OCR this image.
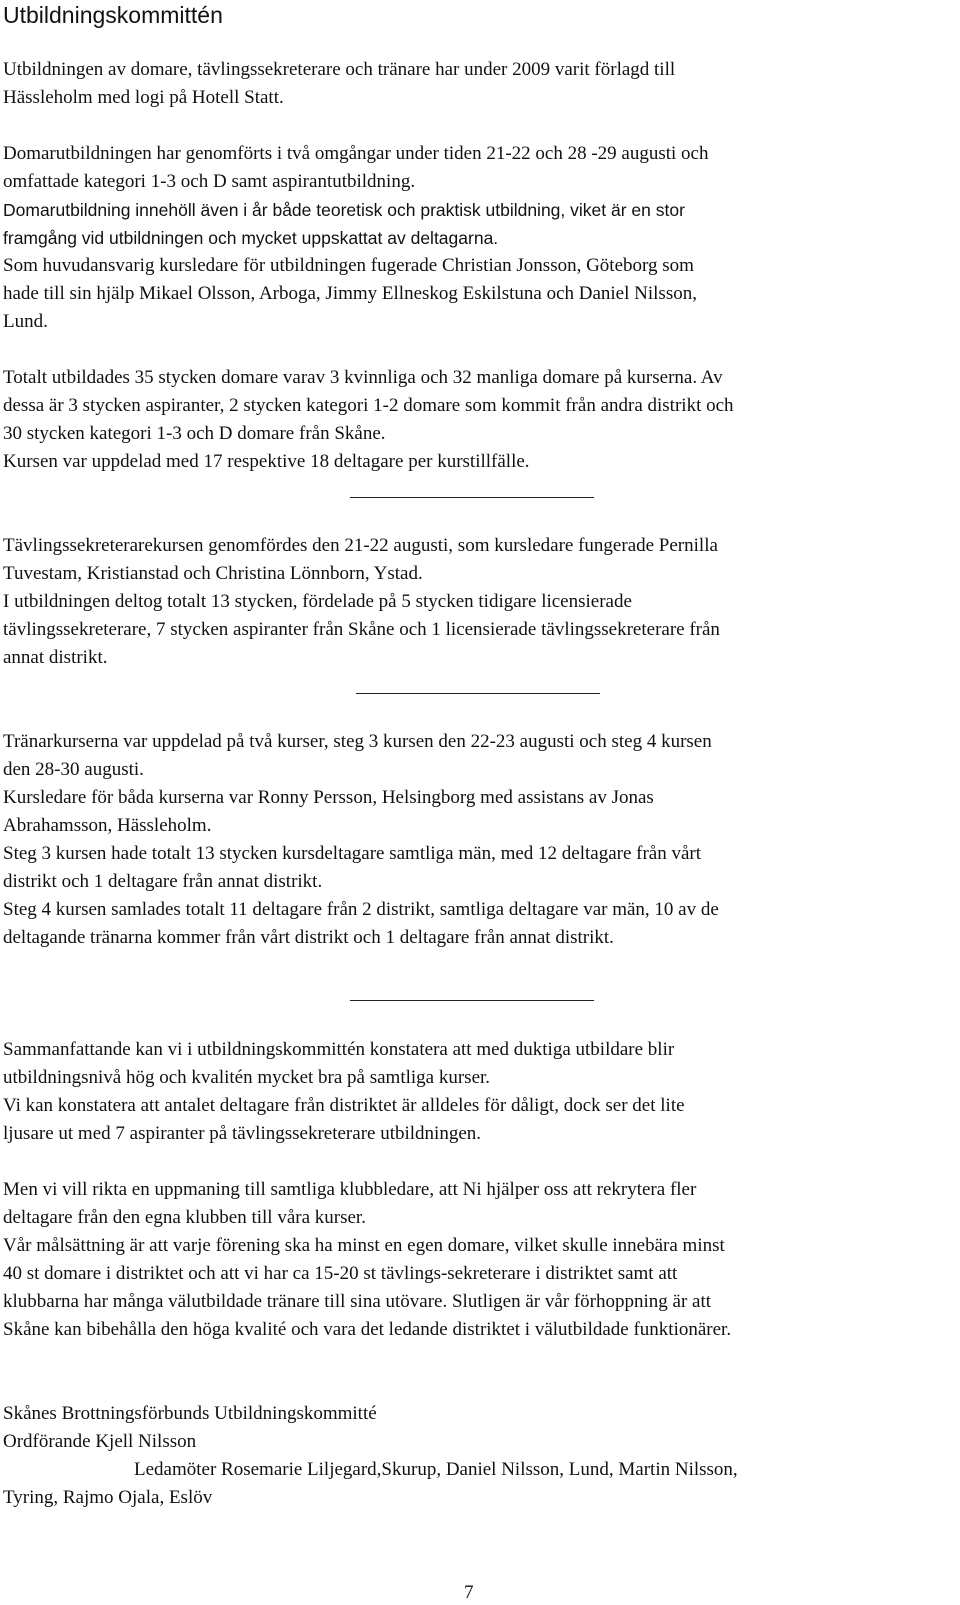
Utbildningskommittén
Utbildningen av domare, tävlingssekreterare och tränare har under 2009 varit förlagd till
Hässleholm med logi på Hotell Statt.
Domarutbildningen har genomförts i två omgångar under tiden 21-22 och 28 -29 augusti och
omfattade kategori 1-3 och D samt aspirantutbildning.
Domarutbildning innehöll även i år både teoretisk och praktisk utbildning, viket är en stor
framgång vid utbildningen och mycket uppskattat av deltagarna.
Som huvudansvarig kursledare för utbildningen fugerade Christian Jonsson, Göteborg som
hade till sin hjälp Mikael Olsson, Arboga, Jimmy Ellneskog Eskilstuna och Daniel Nilsson,
Lund.
Totalt utbildades 35 stycken domare varav 3 kvinnliga och 32 manliga domare på kurserna. Av
dessa är 3 stycken aspiranter, 2 stycken kategori 1-2 domare som kommit från andra distrikt och
30 stycken kategori 1-3 och D domare från Skåne.
Kursen var uppdelad med 17 respektive 18 deltagare per kurstillfälle.
Tävlingssekreterarekursen genomfördes den 21-22 augusti, som kursledare fungerade Pernilla
Tuvestam, Kristianstad och Christina Lönnborn, Ystad.
I utbildningen deltog totalt 13 stycken, fördelade på 5 stycken tidigare licensierade
tävlingssekreterare, 7 stycken aspiranter från Skåne och 1 licensierade tävlingssekreterare från
annat distrikt.
Tränarkurserna var uppdelad på två kurser, steg 3 kursen den 22-23 augusti och steg 4 kursen
den 28-30 augusti.
Kursledare för båda kurserna var Ronny Persson, Helsingborg med assistans av Jonas
Abrahamsson, Hässleholm.
Steg 3 kursen hade totalt 13 stycken kursdeltagare samtliga män, med 12 deltagare från vårt
distrikt och 1 deltagare från annat distrikt.
Steg 4 kursen samlades totalt 11 deltagare från 2 distrikt, samtliga deltagare var män, 10 av de
deltagande tränarna kommer från vårt distrikt och 1 deltagare från annat distrikt.
Sammanfattande kan vi i utbildningskommittén konstatera att med duktiga utbildare blir
utbildningsnivå hög och kvalitén mycket bra på samtliga kurser.
Vi kan konstatera att antalet deltagare från distriktet är alldeles för dåligt, dock ser det lite
ljusare ut med 7 aspiranter på tävlingssekreterare utbildningen.
Men vi vill rikta en uppmaning till samtliga klubbledare, att Ni hjälper oss att rekrytera fler
deltagare från den egna klubben till våra kurser.
Vår målsättning är att varje förening ska ha minst en egen domare, vilket skulle innebära minst
40 st domare i distriktet och att vi har ca 15-20 st tävlings-sekreterare i distriktet samt att
klubbarna har många välutbildade tränare till sina utövare. Slutligen är vår förhoppning är att
Skåne kan bibehålla den höga kvalité och vara det ledande distriktet i välutbildade funktionärer.
Skånes Brottningsförbunds Utbildningskommitté
Ordförande Kjell Nilsson
Ledamöter Rosemarie Liljegard,Skurup, Daniel Nilsson, Lund, Martin Nilsson,
Tyring, Rajmo Ojala, Eslöv
7
